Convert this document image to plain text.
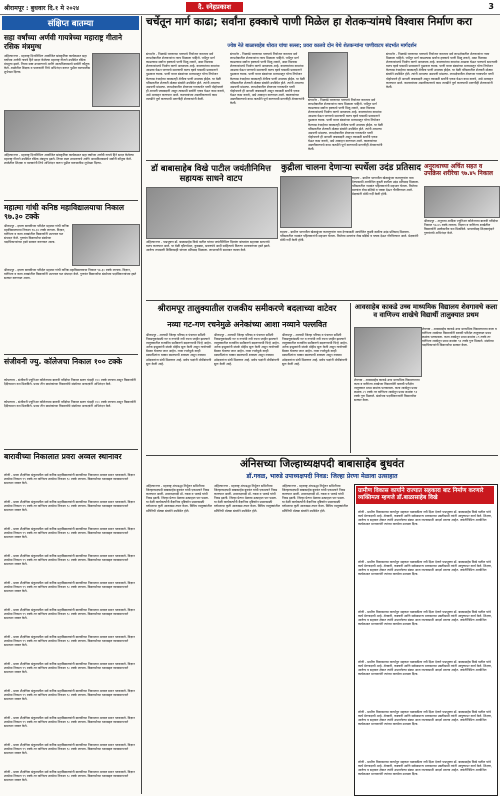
श्रीरामपूर : बुधवार दि.१ मे २०२४	दै. स्नेहप्रकाश	3
संक्षिप्त बातम्या
सहा वर्षांच्या अर्णवी गायत्रेच्या महाराष्ट्र गीताने रसिक मंत्रमुग्ध
अहिल्यानगर - महाराष्ट्र दिनानिमित्त आयोजित सांस्कृतिक कार्यक्रमात सहा वर्षांच्या अर्णवी गायत्रे हिने सादर केलेल्या महाराष्ट्र गीताने उपस्थित रसिक मंत्रमुग्ध झाले. तिच्या स्पष्ट उच्चारणाचे आणि आत्मविश्वासाचे सर्वांनी कौतुक केले. शाळेतील शिक्षक व पालकांनी तिचे अभिनंदन करून पुढील वाटचालीस शुभेच्छा दिल्या.
अहिल्यानगर - महाराष्ट्र दिनानिमित्त आयोजित सांस्कृतिक कार्यक्रमात सहा वर्षांच्या अर्णवी गायत्रे हिने सादर केलेल्या महाराष्ट्र गीताने उपस्थित रसिक मंत्रमुग्ध झाले. तिच्या स्पष्ट उच्चारणाचे आणि आत्मविश्वासाचे सर्वांनी कौतुक केले. शाळेतील शिक्षक व पालकांनी तिचे अभिनंदन करून पुढील वाटचालीस शुभेच्छा दिल्या.
महात्मा गांधी कनिष्ठ महाविद्यालयाचा निकाल ९७.३० टक्के
श्रीरामपूर - इयत्ता बारावीच्या परीक्षेत महात्मा गांधी कनिष्ठ महाविद्यालयाचा निकाल ९७.३० टक्के लागला. विज्ञान, वाणिज्य व कला शाखांतील विद्यार्थ्यांनी उज्ज्वल यश संपादन केले. गुणवंत विद्यार्थ्यांचा संस्थेच्या पदाधिकाऱ्यांच्या हस्ते सत्कार करण्यात आला.
श्रीरामपूर - इयत्ता बारावीच्या परीक्षेत महात्मा गांधी कनिष्ठ महाविद्यालयाचा निकाल ९७.३० टक्के लागला. विज्ञान, वाणिज्य व कला शाखांतील विद्यार्थ्यांनी उज्ज्वल यश संपादन केले. गुणवंत विद्यार्थ्यांचा संस्थेच्या पदाधिकाऱ्यांच्या हस्ते सत्कार करण्यात आला.
संजीवनी ज्यु. कॉलेजचा निकाल १०० टक्के
कोपरगाव - संजीवनी ज्युनिअर कॉलेजच्या बारावी परीक्षेचा निकाल सलग यंदाही १०० टक्के लागला असून विद्यार्थ्यांनी दैदीप्यमान यश मिळविले. प्रथम तीन क्रमांकांच्या विद्यार्थ्यांचे संस्थेच्या अध्यक्षांनी अभिनंदन केले.
कोपरगाव - संजीवनी ज्युनिअर कॉलेजच्या बारावी परीक्षेचा निकाल सलग यंदाही १०० टक्के लागला असून विद्यार्थ्यांनी दैदीप्यमान यश मिळविले. प्रथम तीन क्रमांकांच्या विद्यार्थ्यांचे संस्थेच्या अध्यक्षांनी अभिनंदन केले.
बारावीच्या निकालात प्रवरा अव्वल स्थानावर
लोणी - प्रवरा शैक्षणिक संकुलातील सर्व कनिष्ठ महाविद्यालयांनी बारावीच्या निकालात अव्वल स्थान पटकावले. विज्ञान शाखेचा निकाल ९९ टक्के तर वाणिज्य शाखेचा निकाल ९८ टक्के लागला. विद्यार्थ्यांच्या यशाबद्दल व्यवस्थापनाने समाधान व्यक्त केले.
लोणी - प्रवरा शैक्षणिक संकुलातील सर्व कनिष्ठ महाविद्यालयांनी बारावीच्या निकालात अव्वल स्थान पटकावले. विज्ञान शाखेचा निकाल ९९ टक्के तर वाणिज्य शाखेचा निकाल ९८ टक्के लागला. विद्यार्थ्यांच्या यशाबद्दल व्यवस्थापनाने समाधान व्यक्त केले.
लोणी - प्रवरा शैक्षणिक संकुलातील सर्व कनिष्ठ महाविद्यालयांनी बारावीच्या निकालात अव्वल स्थान पटकावले. विज्ञान शाखेचा निकाल ९९ टक्के तर वाणिज्य शाखेचा निकाल ९८ टक्के लागला. विद्यार्थ्यांच्या यशाबद्दल व्यवस्थापनाने समाधान व्यक्त केले.
लोणी - प्रवरा शैक्षणिक संकुलातील सर्व कनिष्ठ महाविद्यालयांनी बारावीच्या निकालात अव्वल स्थान पटकावले. विज्ञान शाखेचा निकाल ९९ टक्के तर वाणिज्य शाखेचा निकाल ९८ टक्के लागला. विद्यार्थ्यांच्या यशाबद्दल व्यवस्थापनाने समाधान व्यक्त केले.
लोणी - प्रवरा शैक्षणिक संकुलातील सर्व कनिष्ठ महाविद्यालयांनी बारावीच्या निकालात अव्वल स्थान पटकावले. विज्ञान शाखेचा निकाल ९९ टक्के तर वाणिज्य शाखेचा निकाल ९८ टक्के लागला. विद्यार्थ्यांच्या यशाबद्दल व्यवस्थापनाने समाधान व्यक्त केले.
लोणी - प्रवरा शैक्षणिक संकुलातील सर्व कनिष्ठ महाविद्यालयांनी बारावीच्या निकालात अव्वल स्थान पटकावले. विज्ञान शाखेचा निकाल ९९ टक्के तर वाणिज्य शाखेचा निकाल ९८ टक्के लागला. विद्यार्थ्यांच्या यशाबद्दल व्यवस्थापनाने समाधान व्यक्त केले.
लोणी - प्रवरा शैक्षणिक संकुलातील सर्व कनिष्ठ महाविद्यालयांनी बारावीच्या निकालात अव्वल स्थान पटकावले. विज्ञान शाखेचा निकाल ९९ टक्के तर वाणिज्य शाखेचा निकाल ९८ टक्के लागला. विद्यार्थ्यांच्या यशाबद्दल व्यवस्थापनाने समाधान व्यक्त केले.
लोणी - प्रवरा शैक्षणिक संकुलातील सर्व कनिष्ठ महाविद्यालयांनी बारावीच्या निकालात अव्वल स्थान पटकावले. विज्ञान शाखेचा निकाल ९९ टक्के तर वाणिज्य शाखेचा निकाल ९८ टक्के लागला. विद्यार्थ्यांच्या यशाबद्दल व्यवस्थापनाने समाधान व्यक्त केले.
लोणी - प्रवरा शैक्षणिक संकुलातील सर्व कनिष्ठ महाविद्यालयांनी बारावीच्या निकालात अव्वल स्थान पटकावले. विज्ञान शाखेचा निकाल ९९ टक्के तर वाणिज्य शाखेचा निकाल ९८ टक्के लागला. विद्यार्थ्यांच्या यशाबद्दल व्यवस्थापनाने समाधान व्यक्त केले.
लोणी - प्रवरा शैक्षणिक संकुलातील सर्व कनिष्ठ महाविद्यालयांनी बारावीच्या निकालात अव्वल स्थान पटकावले. विज्ञान शाखेचा निकाल ९९ टक्के तर वाणिज्य शाखेचा निकाल ९८ टक्के लागला. विद्यार्थ्यांच्या यशाबद्दल व्यवस्थापनाने समाधान व्यक्त केले.
लोणी - प्रवरा शैक्षणिक संकुलातील सर्व कनिष्ठ महाविद्यालयांनी बारावीच्या निकालात अव्वल स्थान पटकावले. विज्ञान शाखेचा निकाल ९९ टक्के तर वाणिज्य शाखेचा निकाल ९८ टक्के लागला. विद्यार्थ्यांच्या यशाबद्दल व्यवस्थापनाने समाधान व्यक्त केले.
लोणी - प्रवरा शैक्षणिक संकुलातील सर्व कनिष्ठ महाविद्यालयांनी बारावीच्या निकालात अव्वल स्थान पटकावले. विज्ञान शाखेचा निकाल ९९ टक्के तर वाणिज्य शाखेचा निकाल ९८ टक्के लागला. विद्यार्थ्यांच्या यशाबद्दल व्यवस्थापनाने समाधान व्यक्त केले.
चर्चेतून मार्ग काढा; सर्वांना हक्काचे पाणी मिळेल हा शेतकऱ्यांमधे विश्वास निर्माण करा
ज्येष्ठ नेते बाळासाहेब थोरात यांचा सल्ला; प्रवरा कालवे दोन येथे शेतकऱ्यांना पाणीवाटप संदर्भात मार्गदर्शन
संगमनेर - निळवंडे धरणाच्या पाण्याचे नियोजन करताना सर्व लाभक्षेत्रातील शेतकऱ्यांना न्याय मिळाला पाहिजे. चर्चेतून मार्ग काढल्यास सर्वांना हक्काचे पाणी मिळू शकते, असा विश्वास शेतकऱ्यांमध्ये निर्माण करणे आवश्यक आहे. कालव्यांच्या कामांचा आढावा घेऊन पाण्याचे समन्यायी वाटप व्हावे यासाठी प्रशासनाने पुढाकार घ्यावा. पाणी वापर संस्थांच्या माध्यमातून योग्य नियोजन केल्यास टंचाईच्या काळातही शेतीला पाणी उपलब्ध होईल. या वेळी परिसरातील शेतकरी मोठ्या संख्येने उपस्थित होते. त्यांनी आपल्या अडचणी मांडल्या. लाभक्षेत्रातील शेवटच्या गावापर्यंत पाणी पोहोचवणे ही आपली जबाबदारी असून त्यासाठी सर्वांनी एकत्र येऊन काम करावे, असे आवाहन करण्यात आले. कालव्यांच्या अस्तरीकरणाचे काम तातडीने पूर्ण करण्याची मागणीही शेतकऱ्यांनी केली.
संगमनेर - निळवंडे धरणाच्या पाण्याचे नियोजन करताना सर्व लाभक्षेत्रातील शेतकऱ्यांना न्याय मिळाला पाहिजे. चर्चेतून मार्ग काढल्यास सर्वांना हक्काचे पाणी मिळू शकते, असा विश्वास शेतकऱ्यांमध्ये निर्माण करणे आवश्यक आहे. कालव्यांच्या कामांचा आढावा घेऊन पाण्याचे समन्यायी वाटप व्हावे यासाठी प्रशासनाने पुढाकार घ्यावा. पाणी वापर संस्थांच्या माध्यमातून योग्य नियोजन केल्यास टंचाईच्या काळातही शेतीला पाणी उपलब्ध होईल. या वेळी परिसरातील शेतकरी मोठ्या संख्येने उपस्थित होते. त्यांनी आपल्या अडचणी मांडल्या. लाभक्षेत्रातील शेवटच्या गावापर्यंत पाणी पोहोचवणे ही आपली जबाबदारी असून त्यासाठी सर्वांनी एकत्र येऊन काम करावे, असे आवाहन करण्यात आले. कालव्यांच्या अस्तरीकरणाचे काम तातडीने पूर्ण करण्याची मागणीही शेतकऱ्यांनी केली.
संगमनेर - निळवंडे धरणाच्या पाण्याचे नियोजन करताना सर्व लाभक्षेत्रातील शेतकऱ्यांना न्याय मिळाला पाहिजे. चर्चेतून मार्ग काढल्यास सर्वांना हक्काचे पाणी मिळू शकते, असा विश्वास शेतकऱ्यांमध्ये निर्माण करणे आवश्यक आहे. कालव्यांच्या कामांचा आढावा घेऊन पाण्याचे समन्यायी वाटप व्हावे यासाठी प्रशासनाने पुढाकार घ्यावा. पाणी वापर संस्थांच्या माध्यमातून योग्य नियोजन केल्यास टंचाईच्या काळातही शेतीला पाणी उपलब्ध होईल. या वेळी परिसरातील शेतकरी मोठ्या संख्येने उपस्थित होते. त्यांनी आपल्या अडचणी मांडल्या. लाभक्षेत्रातील शेवटच्या गावापर्यंत पाणी पोहोचवणे ही आपली जबाबदारी असून त्यासाठी सर्वांनी एकत्र येऊन काम करावे, असे आवाहन करण्यात आले. कालव्यांच्या अस्तरीकरणाचे काम तातडीने पूर्ण करण्याची मागणीही शेतकऱ्यांनी केली.
संगमनेर - निळवंडे धरणाच्या पाण्याचे नियोजन करताना सर्व लाभक्षेत्रातील शेतकऱ्यांना न्याय मिळाला पाहिजे. चर्चेतून मार्ग काढल्यास सर्वांना हक्काचे पाणी मिळू शकते, असा विश्वास शेतकऱ्यांमध्ये निर्माण करणे आवश्यक आहे. कालव्यांच्या कामांचा आढावा घेऊन पाण्याचे समन्यायी वाटप व्हावे यासाठी प्रशासनाने पुढाकार घ्यावा. पाणी वापर संस्थांच्या माध्यमातून योग्य नियोजन केल्यास टंचाईच्या काळातही शेतीला पाणी उपलब्ध होईल. या वेळी परिसरातील शेतकरी मोठ्या संख्येने उपस्थित होते. त्यांनी आपल्या अडचणी मांडल्या. लाभक्षेत्रातील शेवटच्या गावापर्यंत पाणी पोहोचवणे ही आपली जबाबदारी असून त्यासाठी सर्वांनी एकत्र येऊन काम करावे, असे आवाहन करण्यात आले. कालव्यांच्या अस्तरीकरणाचे काम तातडीने पूर्ण करण्याची मागणीही शेतकऱ्यांनी केली.
डॉ बाबासाहेब विखे पाटील जयंतीनिमित्त सहायक साधने वाटप
अहिल्यानगर - पद्मभूषण डॉ. बाळासाहेब विखे पाटील यांच्या जयंतीनिमित्त दिव्यांग बांधवांना सहायक साधनांचे वाटप करण्यात आले. या वेळी व्हीलचेअर, कुबड्या, श्रवणयंत्रे आदी साहित्याचे वितरण मान्यवरांच्या हस्ते झाले. आरोग्य तपासणी शिबिरासही चांगला प्रतिसाद मिळाला. लाभार्थ्यांनी समाधान व्यक्त केले.
कुद्रीला चालना देणाऱ्या स्पर्धेला उदंड प्रतिसाद
राहाता - ग्रामीण भागातील खेळाडूंच्या कलागुणांना वाव देण्यासाठी आयोजित कुस्ती स्पर्धेला उदंड प्रतिसाद मिळाला. परिसरातील नामवंत पहिलवानांनी सहभाग घेतला. विजेत्या मल्लांना रोख बक्षिसे व चषक देऊन गौरविण्यात आले. प्रेक्षकांनी मोठी गर्दी केली होती.
राहाता - ग्रामीण भागातील खेळाडूंच्या कलागुणांना वाव देण्यासाठी आयोजित कुस्ती स्पर्धेला उदंड प्रतिसाद मिळाला. परिसरातील नामवंत पहिलवानांनी सहभाग घेतला. विजेत्या मल्लांना रोख बक्षिसे व चषक देऊन गौरविण्यात आले. प्रेक्षकांनी मोठी गर्दी केली होती.
अनुराधाच्या अचिंत सहत व उपक्रिस शरीरेचा ९७.४५ निकाल
श्रीरामपूर - अनुराधा आदिक ज्युनिअर कॉलेजच्या बारावी परीक्षेचा निकाल ९७.४५ टक्के लागला. विज्ञान व वाणिज्य शाखेतील विद्यार्थ्यांनी उल्लेखनीय यश मिळविले. प्राचार्यांसह शिक्षकवृंदाने गुणवंतांचे अभिनंदन केले.
श्रीरामपूर तालुक्यातील राजकीय समीकरणे बदलाच्या वाटेवर
नव्या गट-गण रचनेमुळे अनेकांच्या आशा नव्याने पल्लवित
श्रीरामपूर - आगामी जिल्हा परिषद व पंचायत समिती निवडणुकांसाठी गट व गणांची नवी रचना जाहीर झाल्याने तालुक्यातील राजकीय समीकरणे बदलण्याची चिन्हे आहेत. अनेक इच्छुकांनी संपर्क मोहीम सुरू केली असून गावोगावी बैठका घेतल्या जात आहेत. नव्या रचनेमुळे काही प्रस्थापितांना धक्का बसण्याची शक्यता असून नवख्या उमेदवारांना संधी मिळणार आहे. सर्वच पक्षांनी मोर्चेबांधणी सुरू केली आहे.
श्रीरामपूर - आगामी जिल्हा परिषद व पंचायत समिती निवडणुकांसाठी गट व गणांची नवी रचना जाहीर झाल्याने तालुक्यातील राजकीय समीकरणे बदलण्याची चिन्हे आहेत. अनेक इच्छुकांनी संपर्क मोहीम सुरू केली असून गावोगावी बैठका घेतल्या जात आहेत. नव्या रचनेमुळे काही प्रस्थापितांना धक्का बसण्याची शक्यता असून नवख्या उमेदवारांना संधी मिळणार आहे. सर्वच पक्षांनी मोर्चेबांधणी सुरू केली आहे.
श्रीरामपूर - आगामी जिल्हा परिषद व पंचायत समिती निवडणुकांसाठी गट व गणांची नवी रचना जाहीर झाल्याने तालुक्यातील राजकीय समीकरणे बदलण्याची चिन्हे आहेत. अनेक इच्छुकांनी संपर्क मोहीम सुरू केली असून गावोगावी बैठका घेतल्या जात आहेत. नव्या रचनेमुळे काही प्रस्थापितांना धक्का बसण्याची शक्यता असून नवख्या उमेदवारांना संधी मिळणार आहे. सर्वच पक्षांनी मोर्चेबांधणी सुरू केली आहे.
आवसाहेब काकडे उच्च माध्यमिक विद्यालय शेवगावचे कला व वाणिज्य शाखेचे विद्यार्थी तालुक्यात प्रथम
शेवगाव - आबासाहेब काकडे उच्च माध्यमिक विद्यालयाच्या कला व वाणिज्य शाखेच्या विद्यार्थ्यांनी बारावी परीक्षेत तालुक्यात प्रथम क्रमांक पटकावला. कला शाखेतून प्रथम क्रमांक ८९ टक्के तर वाणिज्य शाखेतून प्रथम क्रमांक ९२ टक्के गुण मिळाले. संस्थेच्या पदाधिकाऱ्यांनी विद्यार्थ्यांचा सत्कार केला.
शेवगाव - आबासाहेब काकडे उच्च माध्यमिक विद्यालयाच्या कला व वाणिज्य शाखेच्या विद्यार्थ्यांनी बारावी परीक्षेत तालुक्यात प्रथम क्रमांक पटकावला. कला शाखेतून प्रथम क्रमांक ८९ टक्के तर वाणिज्य शाखेतून प्रथम क्रमांक ९२ टक्के गुण मिळाले. संस्थेच्या पदाधिकाऱ्यांनी विद्यार्थ्यांचा सत्कार केला.
अंनिसच्या जिल्हाध्यक्षपदी बाबासाहेब बुधवंत
डॉ.गवळ, भारुडे उपाध्यक्षपदी निवड: जिल्हा प्रेरणा मेळावा उत्साहात
अहिल्यानगर - महाराष्ट्र अंधश्रद्धा निर्मूलन समितीच्या जिल्हाध्यक्षपदी बाबासाहेब बुधवंत यांची एकमताने निवड करण्यात आली. उपाध्यक्षपदी डॉ. गवळ व भारुडे यांची निवड झाली. जिल्हा प्रेरणा मेळावा उत्साहात पार पडला. या वेळी कार्यकर्त्यांनी वैज्ञानिक दृष्टिकोन प्रसारासाठी वर्षभराचा कृती आराखडा तयार केला. विविध तालुक्यांतील प्रतिनिधी मोठ्या संख्येने उपस्थित होते.
अहिल्यानगर - महाराष्ट्र अंधश्रद्धा निर्मूलन समितीच्या जिल्हाध्यक्षपदी बाबासाहेब बुधवंत यांची एकमताने निवड करण्यात आली. उपाध्यक्षपदी डॉ. गवळ व भारुडे यांची निवड झाली. जिल्हा प्रेरणा मेळावा उत्साहात पार पडला. या वेळी कार्यकर्त्यांनी वैज्ञानिक दृष्टिकोन प्रसारासाठी वर्षभराचा कृती आराखडा तयार केला. विविध तालुक्यांतील प्रतिनिधी मोठ्या संख्येने उपस्थित होते.
अहिल्यानगर - महाराष्ट्र अंधश्रद्धा निर्मूलन समितीच्या जिल्हाध्यक्षपदी बाबासाहेब बुधवंत यांची एकमताने निवड करण्यात आली. उपाध्यक्षपदी डॉ. गवळ व भारुडे यांची निवड झाली. जिल्हा प्रेरणा मेळावा उत्साहात पार पडला. या वेळी कार्यकर्त्यांनी वैज्ञानिक दृष्टिकोन प्रसारासाठी वर्षभराचा कृती आराखडा तयार केला. विविध तालुक्यांतील प्रतिनिधी मोठ्या संख्येने उपस्थित होते.
ग्रामीण विकास कार्याने राज्यात सहकारा बाट निर्माण करणारे व्यक्तिमत्व म्हणजे डॉ.बाळासाहेब विखे
लोणी - ग्रामीण विकासाच्या कार्यातून सहकार चळवळीला नवी दिशा देणारे पद्मभूषण डॉ. बाळासाहेब विखे पाटील यांचे कार्य प्रेरणादायी आहे. शेतकरी, कष्टकरी आणि सर्वसामान्य माणसाच्या उन्नतीसाठी त्यांनी आयुष्यभर कार्य केले. शिक्षण, आरोग्य व सहकार क्षेत्रात त्यांनी उभारलेल्या संस्था आज राज्यासाठी आदर्श ठरल्या आहेत. जयंतीनिमित्त आयोजित कार्यक्रमात मान्यवरांनी त्यांच्या कार्याला उजाळा दिला.
लोणी - ग्रामीण विकासाच्या कार्यातून सहकार चळवळीला नवी दिशा देणारे पद्मभूषण डॉ. बाळासाहेब विखे पाटील यांचे कार्य प्रेरणादायी आहे. शेतकरी, कष्टकरी आणि सर्वसामान्य माणसाच्या उन्नतीसाठी त्यांनी आयुष्यभर कार्य केले. शिक्षण, आरोग्य व सहकार क्षेत्रात त्यांनी उभारलेल्या संस्था आज राज्यासाठी आदर्श ठरल्या आहेत. जयंतीनिमित्त आयोजित कार्यक्रमात मान्यवरांनी त्यांच्या कार्याला उजाळा दिला.
लोणी - ग्रामीण विकासाच्या कार्यातून सहकार चळवळीला नवी दिशा देणारे पद्मभूषण डॉ. बाळासाहेब विखे पाटील यांचे कार्य प्रेरणादायी आहे. शेतकरी, कष्टकरी आणि सर्वसामान्य माणसाच्या उन्नतीसाठी त्यांनी आयुष्यभर कार्य केले. शिक्षण, आरोग्य व सहकार क्षेत्रात त्यांनी उभारलेल्या संस्था आज राज्यासाठी आदर्श ठरल्या आहेत. जयंतीनिमित्त आयोजित कार्यक्रमात मान्यवरांनी त्यांच्या कार्याला उजाळा दिला.
लोणी - ग्रामीण विकासाच्या कार्यातून सहकार चळवळीला नवी दिशा देणारे पद्मभूषण डॉ. बाळासाहेब विखे पाटील यांचे कार्य प्रेरणादायी आहे. शेतकरी, कष्टकरी आणि सर्वसामान्य माणसाच्या उन्नतीसाठी त्यांनी आयुष्यभर कार्य केले. शिक्षण, आरोग्य व सहकार क्षेत्रात त्यांनी उभारलेल्या संस्था आज राज्यासाठी आदर्श ठरल्या आहेत. जयंतीनिमित्त आयोजित कार्यक्रमात मान्यवरांनी त्यांच्या कार्याला उजाळा दिला.
लोणी - ग्रामीण विकासाच्या कार्यातून सहकार चळवळीला नवी दिशा देणारे पद्मभूषण डॉ. बाळासाहेब विखे पाटील यांचे कार्य प्रेरणादायी आहे. शेतकरी, कष्टकरी आणि सर्वसामान्य माणसाच्या उन्नतीसाठी त्यांनी आयुष्यभर कार्य केले. शिक्षण, आरोग्य व सहकार क्षेत्रात त्यांनी उभारलेल्या संस्था आज राज्यासाठी आदर्श ठरल्या आहेत. जयंतीनिमित्त आयोजित कार्यक्रमात मान्यवरांनी त्यांच्या कार्याला उजाळा दिला.
लोणी - ग्रामीण विकासाच्या कार्यातून सहकार चळवळीला नवी दिशा देणारे पद्मभूषण डॉ. बाळासाहेब विखे पाटील यांचे कार्य प्रेरणादायी आहे. शेतकरी, कष्टकरी आणि सर्वसामान्य माणसाच्या उन्नतीसाठी त्यांनी आयुष्यभर कार्य केले. शिक्षण, आरोग्य व सहकार क्षेत्रात त्यांनी उभारलेल्या संस्था आज राज्यासाठी आदर्श ठरल्या आहेत. जयंतीनिमित्त आयोजित कार्यक्रमात मान्यवरांनी त्यांच्या कार्याला उजाळा दिला.
